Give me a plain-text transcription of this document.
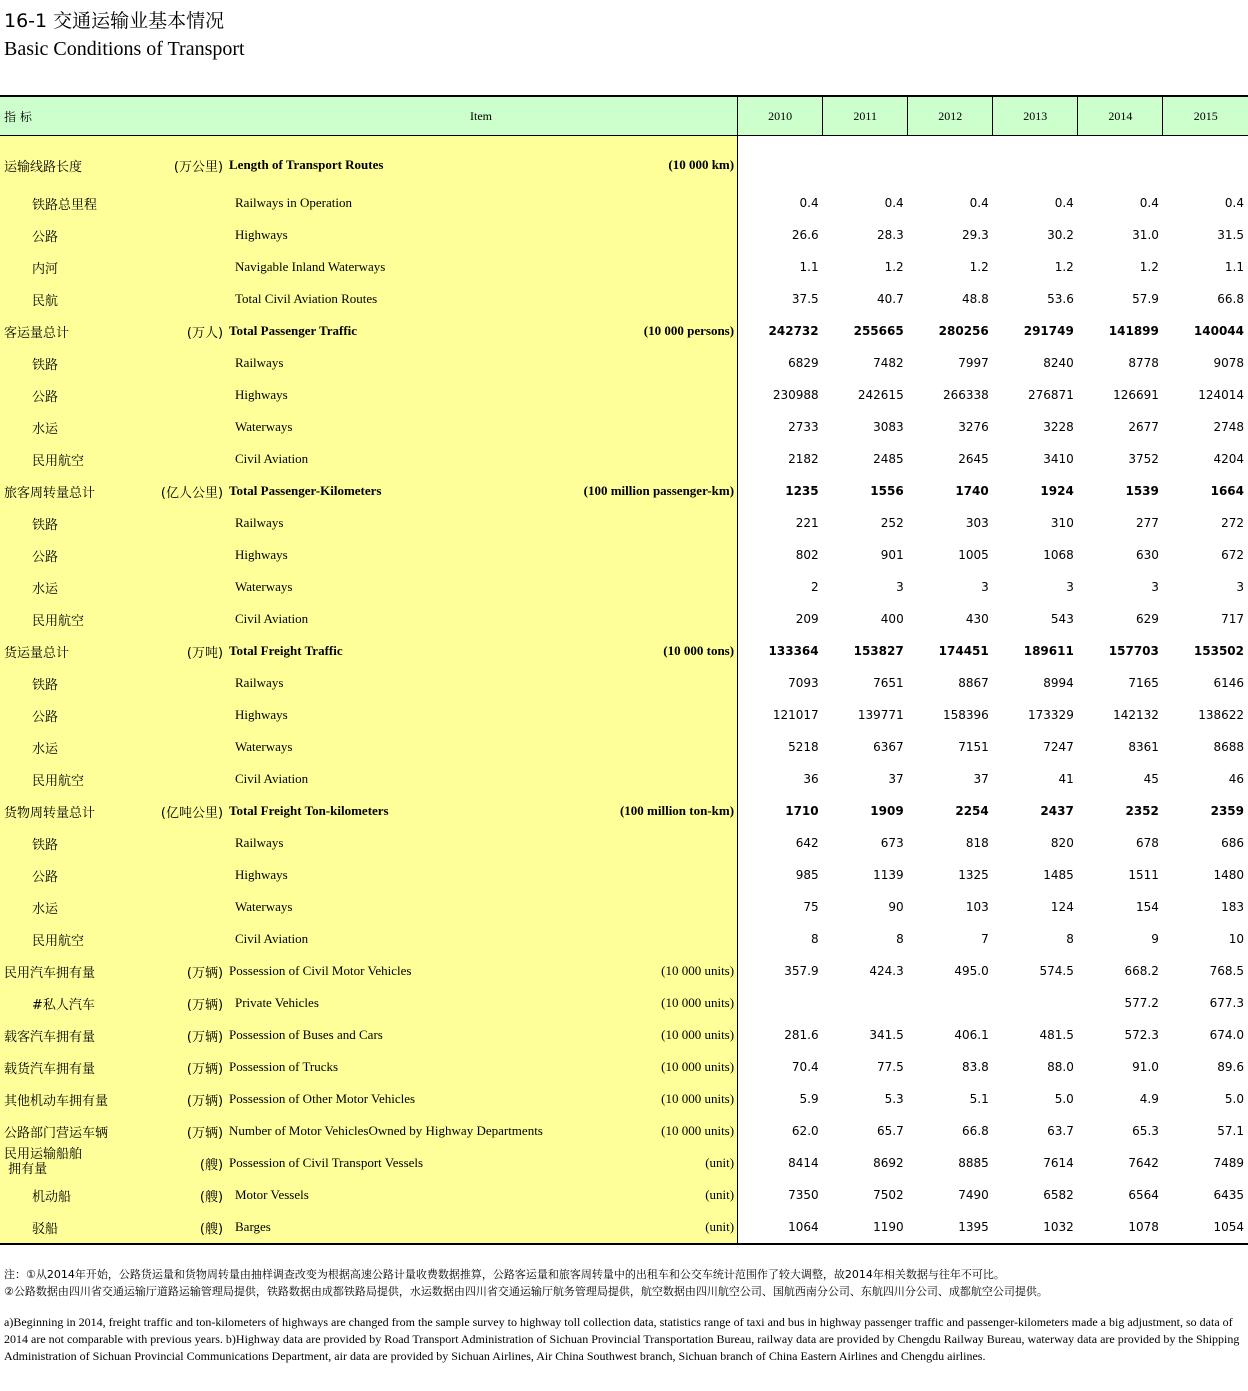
16-1 交通运输业基本情况
Basic Conditions of Transport
指 标 Item	2010	2011	2012	2013	2014	2015

运输线路长度 (万公里) Length of Transport Routes (10 000 km)						

铁路总里程 Railways in Operation	0.4	0.4	0.4	0.4	0.4	0.4

公路 Highways	26.6	28.3	29.3	30.2	31.0	31.5

内河 Navigable Inland Waterways	1.1	1.2	1.2	1.2	1.2	1.1

民航 Total Civil Aviation Routes	37.5	40.7	48.8	53.6	57.9	66.8

客运量总计 (万人) Total Passenger Traffic (10 000 persons)	242732	255665	280256	291749	141899	140044

铁路 Railways	6829	7482	7997	8240	8778	9078

公路 Highways	230988	242615	266338	276871	126691	124014

水运 Waterways	2733	3083	3276	3228	2677	2748

民用航空 Civil Aviation	2182	2485	2645	3410	3752	4204

旅客周转量总计 (亿人公里) Total Passenger-Kilometers (100 million passenger-km)	1235	1556	1740	1924	1539	1664

铁路 Railways	221	252	303	310	277	272

公路 Highways	802	901	1005	1068	630	672

水运 Waterways	2	3	3	3	3	3

民用航空 Civil Aviation	209	400	430	543	629	717

货运量总计 (万吨) Total Freight Traffic (10 000 tons)	133364	153827	174451	189611	157703	153502

铁路 Railways	7093	7651	8867	8994	7165	6146

公路 Highways	121017	139771	158396	173329	142132	138622

水运 Waterways	5218	6367	7151	7247	8361	8688

民用航空 Civil Aviation	36	37	37	41	45	46

货物周转量总计 (亿吨公里) Total Freight Ton-kilometers (100 million ton-km)	1710	1909	2254	2437	2352	2359

铁路 Railways	642	673	818	820	678	686

公路 Highways	985	1139	1325	1485	1511	1480

水运 Waterways	75	90	103	124	154	183

民用航空 Civil Aviation	8	8	7	8	9	10

民用汽车拥有量 (万辆) Possession of Civil Motor Vehicles (10 000 units)	357.9	424.3	495.0	574.5	668.2	768.5

#私人汽车 (万辆) Private Vehicles (10 000 units)					577.2	677.3

载客汽车拥有量 (万辆) Possession of Buses and Cars (10 000 units)	281.6	341.5	406.1	481.5	572.3	674.0

载货汽车拥有量 (万辆) Possession of Trucks (10 000 units)	70.4	77.5	83.8	88.0	91.0	89.6

其他机动车拥有量 (万辆) Possession of Other Motor Vehicles (10 000 units)	5.9	5.3	5.1	5.0	4.9	5.0

公路部门营运车辆 (万辆) Number of Motor VehiclesOwned by Highway Departments (10 000 units)	62.0	65.7	66.8	63.7	65.3	57.1

民用运输船舶
拥有量 (艘) Possession of Civil Transport Vessels (unit)	8414	8692	8885	7614	7642	7489

机动船 (艘) Motor Vessels (unit)	7350	7502	7490	6582	6564	6435

驳船 (艘) Barges (unit)	1064	1190	1395	1032	1078	1054
注：①从2014年开始，公路货运量和货物周转量由抽样调查改变为根据高速公路计量收费数据推算，公路客运量和旅客周转量中的出租车和公交车统计范围作了较大调整，故2014年相关数据与往年不可比。
②公路数据由四川省交通运输厅道路运输管理局提供，铁路数据由成都铁路局提供，水运数据由四川省交通运输厅航务管理局提供，航空数据由四川航空公司、国航西南分公司、东航四川分公司、成都航空公司提供。
a)Beginning in 2014, freight traffic and ton-kilometers of highways are changed from the sample survey to highway toll collection data, statistics range of taxi and bus in highway passenger traffic and passenger-kilometers made a big adjustment, so data of 2014 are not comparable with previous years. b)Highway data are provided by Road Transport Administration of Sichuan Provincial Transportation Bureau, railway data are provided by Chengdu Railway Bureau, waterway data are provided by the Shipping Administration of Sichuan Provincial Communications Department, air data are provided by Sichuan Airlines, Air China Southwest branch, Sichuan branch of China Eastern Airlines and Chengdu airlines.
